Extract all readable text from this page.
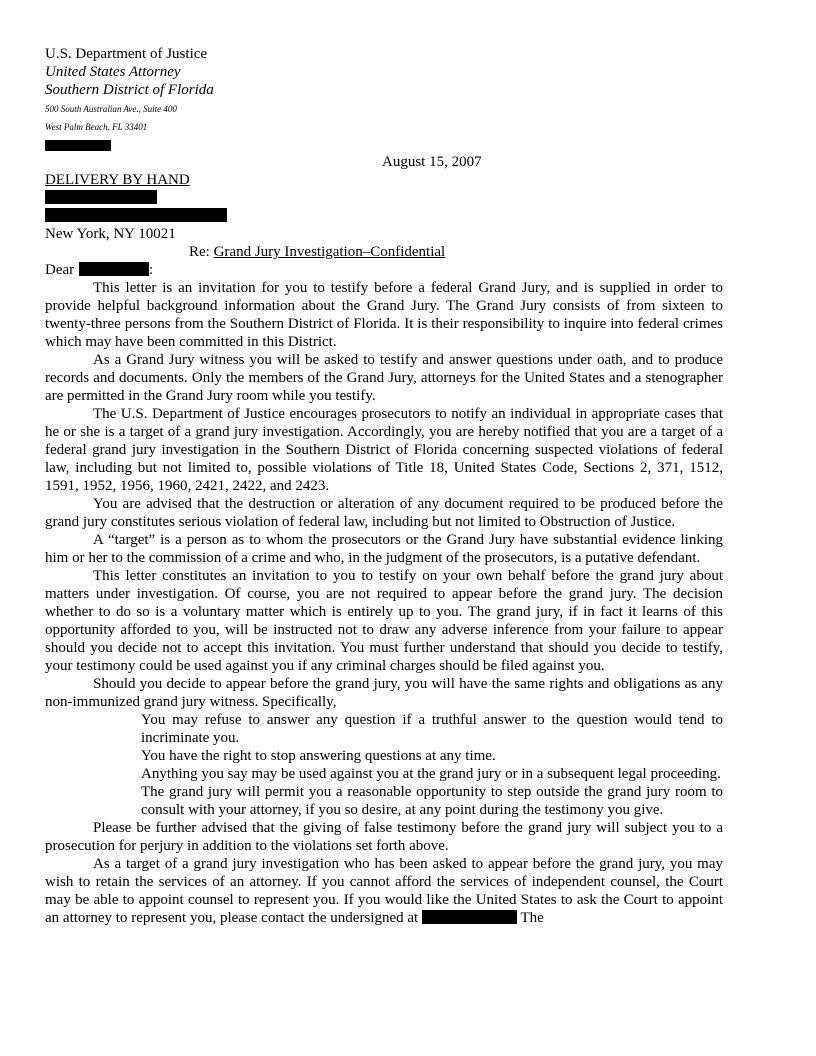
U.S. Department of Justice
United States Attorney
Southern District of Florida
500 South Australian Ave., Suite 400
West Palm Beach, FL 33401
August 15, 2007
DELIVERY BY HAND
New York, NY 10021
Re: Grand Jury Investigation–Confidential
Dear	:

This letter is an invitation for you to testify before a federal Grand Jury, and is supplied in order to provide helpful background information about the Grand Jury. The Grand Jury consists of from sixteen to twenty-three persons from the Southern District of Florida. It is their responsibility to inquire into federal crimes which may have been committed in this District.

As a Grand Jury witness you will be asked to testify and answer questions under oath, and to produce records and documents. Only the members of the Grand Jury, attorneys for the United States and a stenographer are permitted in the Grand Jury room while you testify.

The U.S. Department of Justice encourages prosecutors to notify an individual in appropriate cases that he or she is a target of a grand jury investigation. Accordingly, you are hereby notified that you are a target of a federal grand jury investigation in the Southern District of Florida concerning suspected violations of federal law, including but not limited to, possible violations of Title 18, United States Code, Sections 2, 371, 1512, 1591, 1952, 1956, 1960, 2421, 2422, and 2423.

You are advised that the destruction or alteration of any document required to be produced before the grand jury constitutes serious violation of federal law, including but not limited to Obstruction of Justice.

A “target” is a person as to whom the prosecutors or the Grand Jury have substantial evidence linking him or her to the commission of a crime and who, in the judgment of the prosecutors, is a putative defendant.

This letter constitutes an invitation to you to testify on your own behalf before the grand jury about matters under investigation. Of course, you are not required to appear before the grand jury. The decision whether to do so is a voluntary matter which is entirely up to you. The grand jury, if in fact it learns of this opportunity afforded to you, will be instructed not to draw any adverse inference from your failure to appear should you decide not to accept this invitation. You must further understand that should you decide to testify, your testimony could be used against you if any criminal charges should be filed against you.

Should you decide to appear before the grand jury, you will have the same rights and obligations as any non-immunized grand jury witness. Specifically,

You may refuse to answer any question if a truthful answer to the question would tend to incriminate you.
You have the right to stop answering questions at any time.
Anything you say may be used against you at the grand jury or in a subsequent legal proceeding.
The grand jury will permit you a reasonable opportunity to step outside the grand jury room to consult with your attorney, if you so desire, at any point during the testimony you give.

Please be further advised that the giving of false testimony before the grand jury will subject you to a prosecution for perjury in addition to the violations set forth above.

As a target of a grand jury investigation who has been asked to appear before the grand jury, you may wish to retain the services of an attorney. If you cannot afford the services of independent counsel, the Court may be able to appoint counsel to represent you. If you would like the United States to ask the Court to appoint an attorney to represent you, please contact the undersigned at	The
